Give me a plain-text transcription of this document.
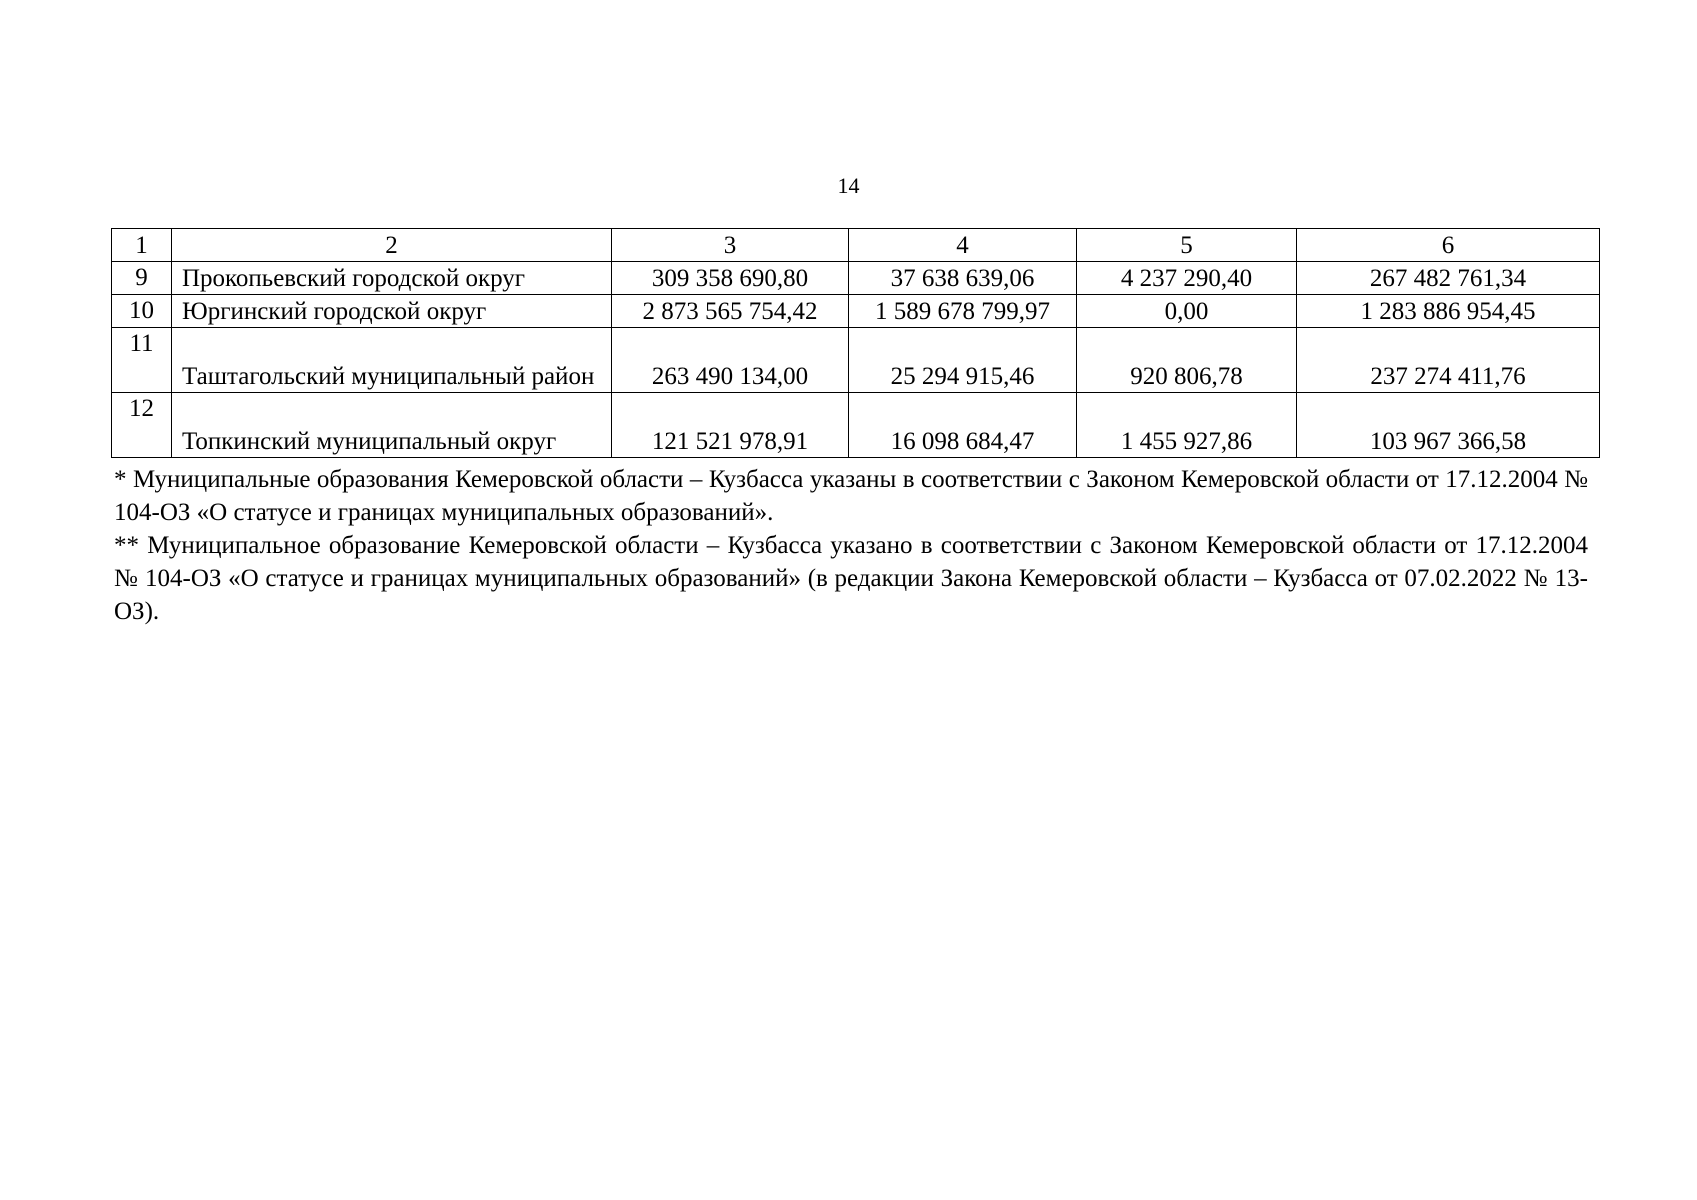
14
1	2	3	4	5	6
9	Прокопьевский городской округ	309 358 690,80	37 638 639,06	4 237 290,40	267 482 761,34
10	Юргинский городской округ	2 873 565 754,42	1 589 678 799,97	0,00	1 283 886 954,45
11	Таштагольский муниципальный район	263 490 134,00	25 294 915,46	920 806,78	237 274 411,76
12	Топкинский муниципальный округ	121 521 978,91	16 098 684,47	1 455 927,86	103 967 366,58

* Муниципальные образования Кемеровской области – Кузбасса указаны в соответствии с Законом Кемеровской области от 17.12.2004 № 104-ОЗ «О статусе и границах муниципальных образований».

** Муниципальное образование Кемеровской области – Кузбасса указано в соответствии с Законом Кемеровской области от 17.12.2004 № 104-ОЗ «О статусе и границах муниципальных образований» (в редакции Закона Кемеровской области – Кузбасса от 07.02.2022 № 13-ОЗ).
